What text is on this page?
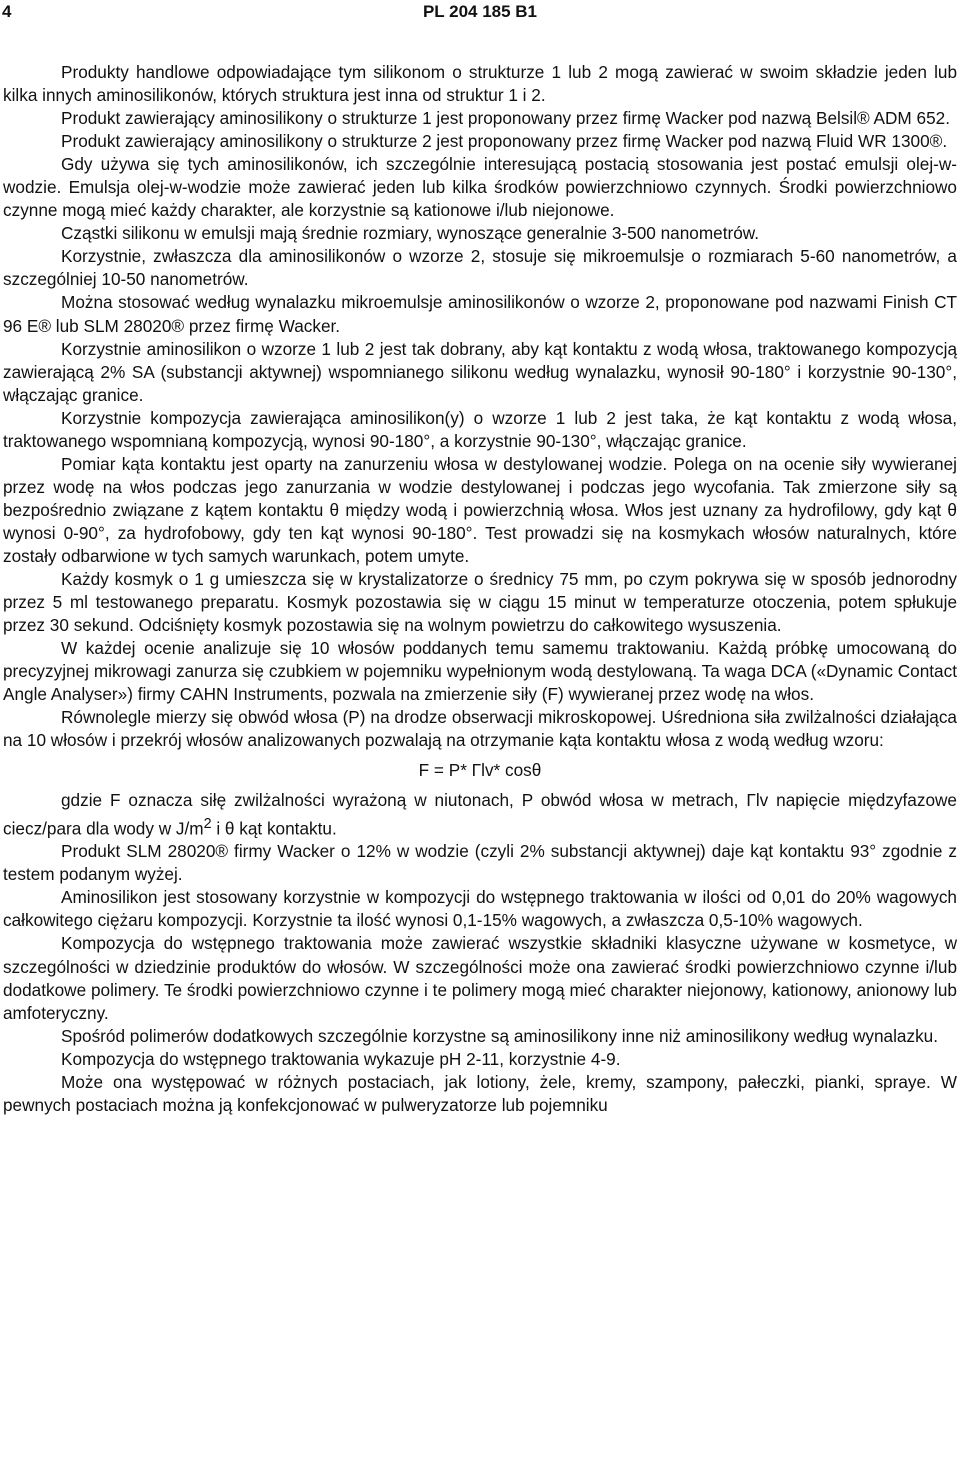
4	PL 204 185 B1

Produkty handlowe odpowiadające tym silikonom o strukturze 1 lub 2 mogą zawierać w swoim składzie jeden lub kilka innych aminosilikonów, których struktura jest inna od struktur 1 i 2.

Produkt zawierający aminosilikony o strukturze 1 jest proponowany przez firmę Wacker pod nazwą Belsil® ADM 652.

Produkt zawierający aminosilikony o strukturze 2 jest proponowany przez firmę Wacker pod nazwą Fluid WR 1300®.

Gdy używa się tych aminosilikonów, ich szczególnie interesującą postacią stosowania jest postać emulsji olej-w-wodzie. Emulsja olej-w-wodzie może zawierać jeden lub kilka środków powierzchniowo czynnych. Środki powierzchniowo czynne mogą mieć każdy charakter, ale korzystnie są kationowe i/lub niejonowe.

Cząstki silikonu w emulsji mają średnie rozmiary, wynoszące generalnie 3-500 nanometrów.

Korzystnie, zwłaszcza dla aminosilikonów o wzorze 2, stosuje się mikroemulsje o rozmiarach 5-60 nanometrów, a szczególniej 10-50 nanometrów.

Można stosować według wynalazku mikroemulsje aminosilikonów o wzorze 2, proponowane pod nazwami Finish CT 96 E® lub SLM 28020® przez firmę Wacker.

Korzystnie aminosilikon o wzorze 1 lub 2 jest tak dobrany, aby kąt kontaktu z wodą włosa, traktowanego kompozycją zawierającą 2% SA (substancji aktywnej) wspomnianego silikonu według wynalazku, wynosił 90-180° i korzystnie 90-130°, włączając granice.

Korzystnie kompozycja zawierająca aminosilikon(y) o wzorze 1 lub 2 jest taka, że kąt kontaktu z wodą włosa, traktowanego wspomnianą kompozycją, wynosi 90-180°, a korzystnie 90-130°, włączając granice.

Pomiar kąta kontaktu jest oparty na zanurzeniu włosa w destylowanej wodzie. Polega on na ocenie siły wywieranej przez wodę na włos podczas jego zanurzania w wodzie destylowanej i podczas jego wycofania. Tak zmierzone siły są bezpośrednio związane z kątem kontaktu θ między wodą i powierzchnią włosa. Włos jest uznany za hydrofilowy, gdy kąt θ wynosi 0-90°, za hydrofobowy, gdy ten kąt wynosi 90-180°. Test prowadzi się na kosmykach włosów naturalnych, które zostały odbarwione w tych samych warunkach, potem umyte.

Każdy kosmyk o 1 g umieszcza się w krystalizatorze o średnicy 75 mm, po czym pokrywa się w sposób jednorodny przez 5 ml testowanego preparatu. Kosmyk pozostawia się w ciągu 15 minut w temperaturze otoczenia, potem spłukuje przez 30 sekund. Odciśnięty kosmyk pozostawia się na wolnym powietrzu do całkowitego wysuszenia.

W każdej ocenie analizuje się 10 włosów poddanych temu samemu traktowaniu. Każdą próbkę umocowaną do precyzyjnej mikrowagi zanurza się czubkiem w pojemniku wypełnionym wodą destylowaną. Ta waga DCA («Dynamic Contact Angle Analyser») firmy CAHN Instruments, pozwala na zmierzenie siły (F) wywieranej przez wodę na włos.

Równolegle mierzy się obwód włosa (P) na drodze obserwacji mikroskopowej. Uśrednionа siła zwilżalności działająca na 10 włosów i przekrój włosów analizowanych pozwalają na otrzymanie kąta kontaktu włosa z wodą według wzoru:

F = P* Γlv* cosθ

gdzie F oznacza siłę zwilżalności wyrażoną w niutonach, P obwód włosa w metrach, Γlv napięcie międzyfazowe ciecz/para dla wody w $J/m^2$ i θ kąt kontaktu.

Produkt SLM 28020® firmy Wacker o 12% w wodzie (czyli 2% substancji aktywnej) daje kąt kontaktu 93° zgodnie z testem podanym wyżej.

Aminosilikon jest stosowany korzystnie w kompozycji do wstępnego traktowania w ilości od 0,01 do 20% wagowych całkowitego ciężaru kompozycji. Korzystnie ta ilość wynosi 0,1-15% wagowych, a zwłaszcza 0,5-10% wagowych.

Kompozycja do wstępnego traktowania może zawierać wszystkie składniki klasyczne używane w kosmetyce, w szczególności w dziedzinie produktów do włosów. W szczególności może ona zawierać środki powierzchniowo czynne i/lub dodatkowe polimery. Te środki powierzchniowo czynne i te polimery mogą mieć charakter niejonowy, kationowy, anionowy lub amfoteryczny.

Spośród polimerów dodatkowych szczególnie korzystne są aminosilikony inne niż aminosilikony według wynalazku.

Kompozycja do wstępnego traktowania wykazuje pH 2-11, korzystnie 4-9.

Może ona występować w różnych postaciach, jak lotiony, żele, kremy, szampony, pałeczki, pianki, spraye. W pewnych postaciach można ją konfekcjonować w pulweryzatorze lub pojemniku
